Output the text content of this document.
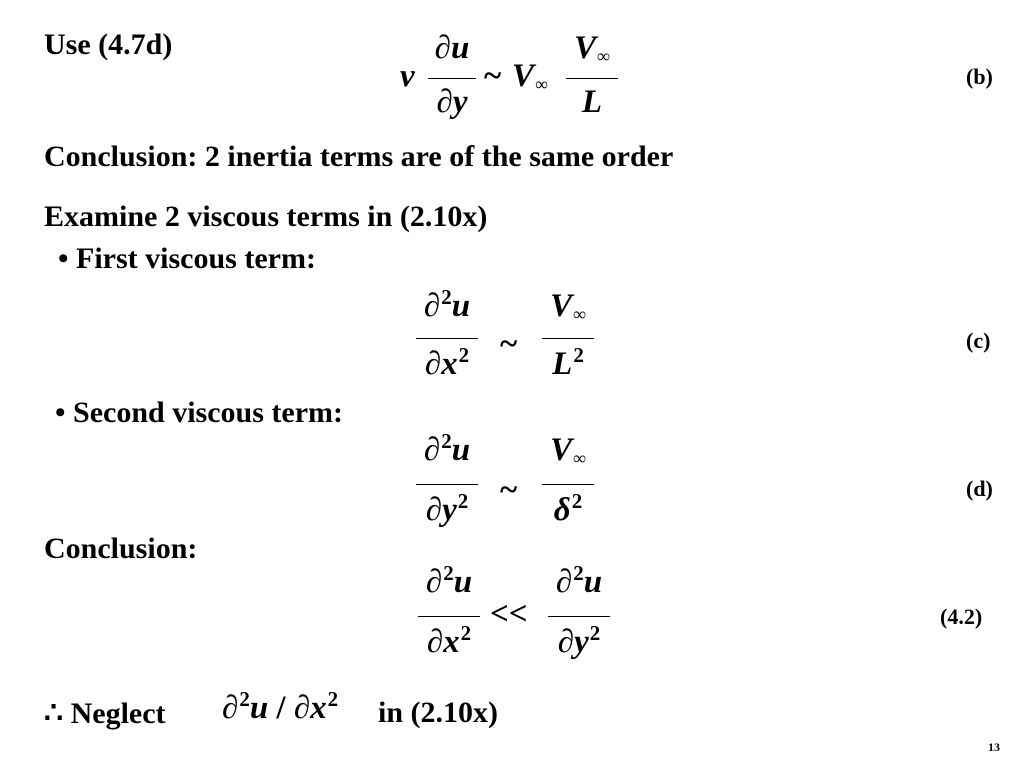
Use (4.7d)
Conclusion: 2 inertia terms are of the same order
Examine 2 viscous terms in (2.10x)
• First viscous term:
• Second viscous term:
Conclusion:
v
∂u
∂y
~ $V_\infty$
$V_\infty$
L
(b)
∂$^2$u
$\partial x^2$ ~
$V_\infty$
$L^2$
(c)
∂$^2$u
$\partial y^2$ ~
$V_\infty$
$\delta^2$	(d)
∂$^2$u
$\partial x^2$
<<
∂$^2$u
$\partial y^2$
(4.2)
∴ Neglect $\partial^2u / \partial x^2$ in (2.10x)
13
